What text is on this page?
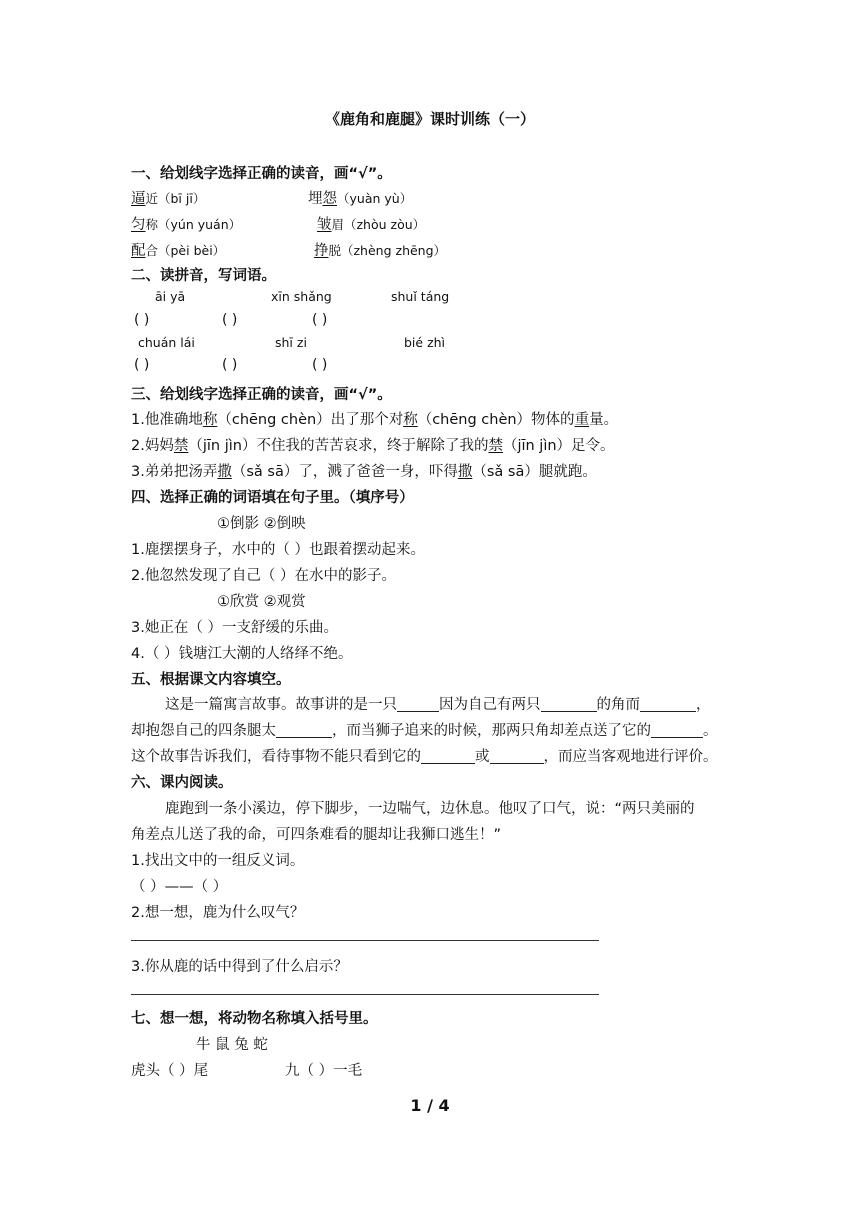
《鹿角和鹿腿》课时训练（一）
一、给划线字选择正确的读音，画“√”。
逼近（bī jī）	埋怨（yuàn yù）
匀称（yún yuán）	皱眉（zhòu zòu）
配合（pèi bèi）	挣脱（zhèng zhēng）
二、读拼音，写词语。
āi yā	xīn shǎng	shuǐ táng
( )	( )	( )
chuán lái	shī zi	bié zhì
( )	( )	( )
三、给划线字选择正确的读音，画“√”。
1.他准确地称（chēng chèn）出了那个对称（chēng chèn）物体的重量。
2.妈妈禁（jīn jìn）不住我的苦苦哀求，终于解除了我的禁（jīn jìn）足令。
3.弟弟把汤弄撒（sǎ sā）了，溅了爸爸一身，吓得撒（sǎ sā）腿就跑。
四、选择正确的词语填在句子里。（填序号）
①倒影 ②倒映
1.鹿摆摆身子，水中的（ ）也跟着摆动起来。
2.他忽然发现了自己（ ）在水中的影子。
①欣赏 ②观赏
3.她正在（ ）一支舒缓的乐曲。
4.（ ）钱塘江大潮的人络绎不绝。
五、根据课文内容填空。
这是一篇寓言故事。故事讲的是一只	因为自己有两只	的角而	，
却抱怨自己的四条腿太	，而当狮子追来的时候，那两只角却差点送了它的	。
这个故事告诉我们，看待事物不能只看到它的	或	，而应当客观地进行评价。
六、课内阅读。
鹿跑到一条小溪边，停下脚步，一边喘气，边休息。他叹了口气，说：“两只美丽的
角差点儿送了我的命，可四条难看的腿却让我狮口逃生！”
1.找出文中的一组反义词。
（ ）——（ ）
2.想一想，鹿为什么叹气？
3.你从鹿的话中得到了什么启示？
七、想一想，将动物名称填入括号里。
牛 鼠 兔 蛇
虎头（ ）尾	九（ ）一毛
1 / 4
